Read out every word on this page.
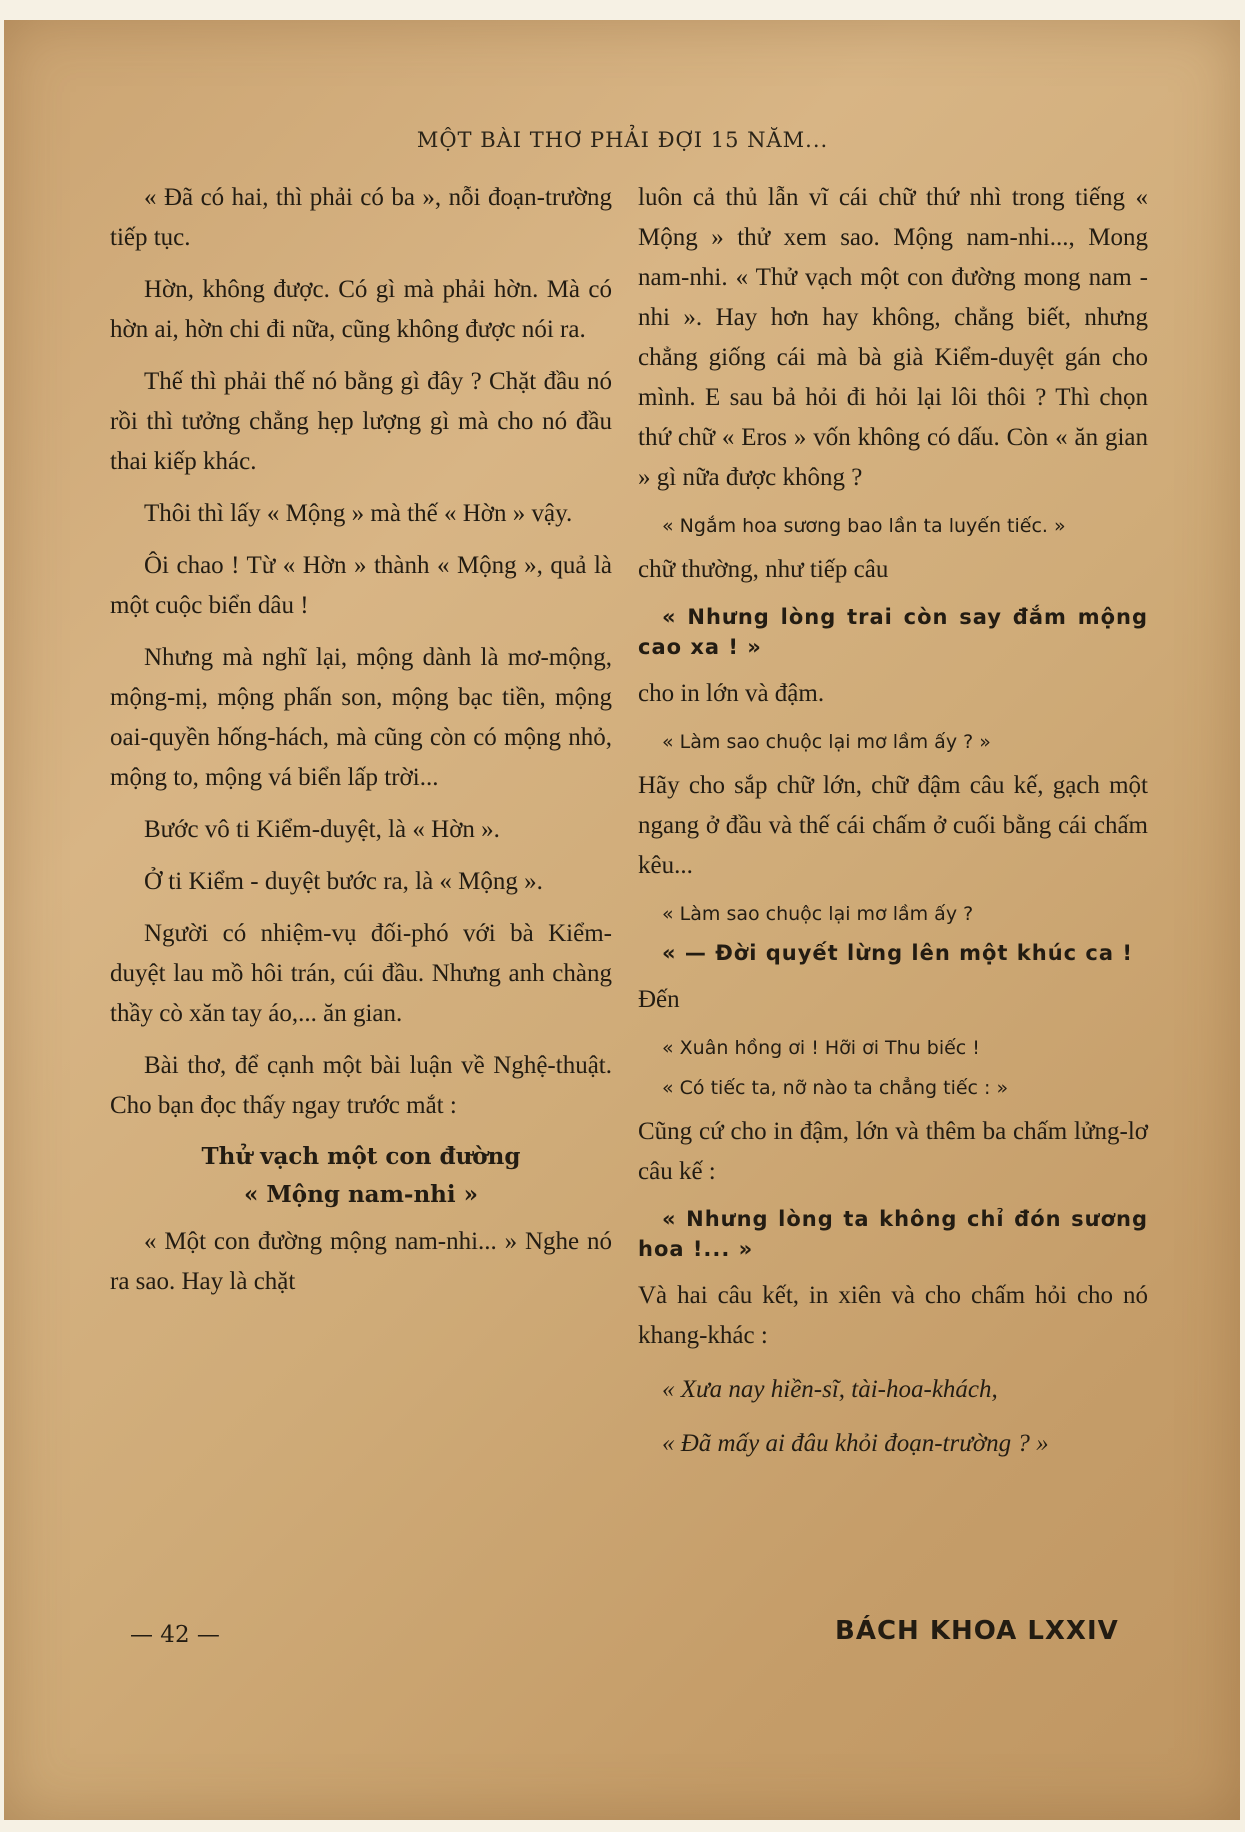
MỘT BÀI THƠ PHẢI ĐỢI 15 NĂM...

« Đã có hai, thì phải có ba », nỗi đoạn-trường tiếp tục.

Hờn, không được. Có gì mà phải hờn. Mà có hờn ai, hờn chi đi nữa, cũng không được nói ra.

Thế thì phải thế nó bằng gì đây ? Chặt đầu nó rồi thì tưởng chẳng hẹp lượng gì mà cho nó đầu thai kiếp khác.

Thôi thì lấy « Mộng » mà thế « Hờn » vậy.

Ôi chao ! Từ « Hờn » thành « Mộng », quả là một cuộc biển dâu !

Nhưng mà nghĩ lại, mộng dành là mơ-mộng, mộng-mị, mộng phấn son, mộng bạc tiền, mộng oai-quyền hống-hách, mà cũng còn có mộng nhỏ, mộng to, mộng vá biển lấp trời...

Bước vô ti Kiểm-duyệt, là « Hờn ».

Ở ti Kiểm - duyệt bước ra, là « Mộng ».

Người có nhiệm-vụ đối-phó với bà Kiểm-duyệt lau mồ hôi trán, cúi đầu. Nhưng anh chàng thầy cò xăn tay áo,... ăn gian.

Bài thơ, để cạnh một bài luận về Nghệ-thuật. Cho bạn đọc thấy ngay trước mắt :

Thử vạch một con đường
« Mộng nam-nhi »

« Một con đường mộng nam-nhi... » Nghe nó ra sao. Hay là chặt

luôn cả thủ lẫn vĩ cái chữ thứ nhì trong tiếng « Mộng » thử xem sao. Mộng nam-nhi..., Mong nam-nhi. « Thử vạch một con đường mong nam - nhi ». Hay hơn hay không, chẳng biết, nhưng chẳng giống cái mà bà già Kiểm-duyệt gán cho mình. E sau bả hỏi đi hỏi lại lôi thôi ? Thì chọn thứ chữ « Eros » vốn không có dấu. Còn « ăn gian » gì nữa được không ?

« Ngắm hoa sương bao lần ta luyến tiếc. »

chữ thường, như tiếp câu

« Nhưng lòng trai còn say đắm mộng cao xa ! »

cho in lớn và đậm.

« Làm sao chuộc lại mơ lầm ấy ? »

Hãy cho sắp chữ lớn, chữ đậm câu kế, gạch một ngang ở đầu và thế cái chấm ở cuối bằng cái chấm kêu...

« Làm sao chuộc lại mơ lầm ấy ?

« — Đời quyết lừng lên một khúc ca !

Đến

« Xuân hồng ơi ! Hỡi ơi Thu biếc !

« Có tiếc ta, nỡ nào ta chẳng tiếc : »

Cũng cứ cho in đậm, lớn và thêm ba chấm lửng-lơ câu kế :

« Nhưng lòng ta không chỉ đón sương hoa !... »

Và hai câu kết, in xiên và cho chấm hỏi cho nó khang-khác :

« Xưa nay hiền-sĩ, tài-hoa-khách,

« Đã mấy ai đâu khỏi đoạn-trường ? »

— 42 —	BÁCH KHOA LXXIV
